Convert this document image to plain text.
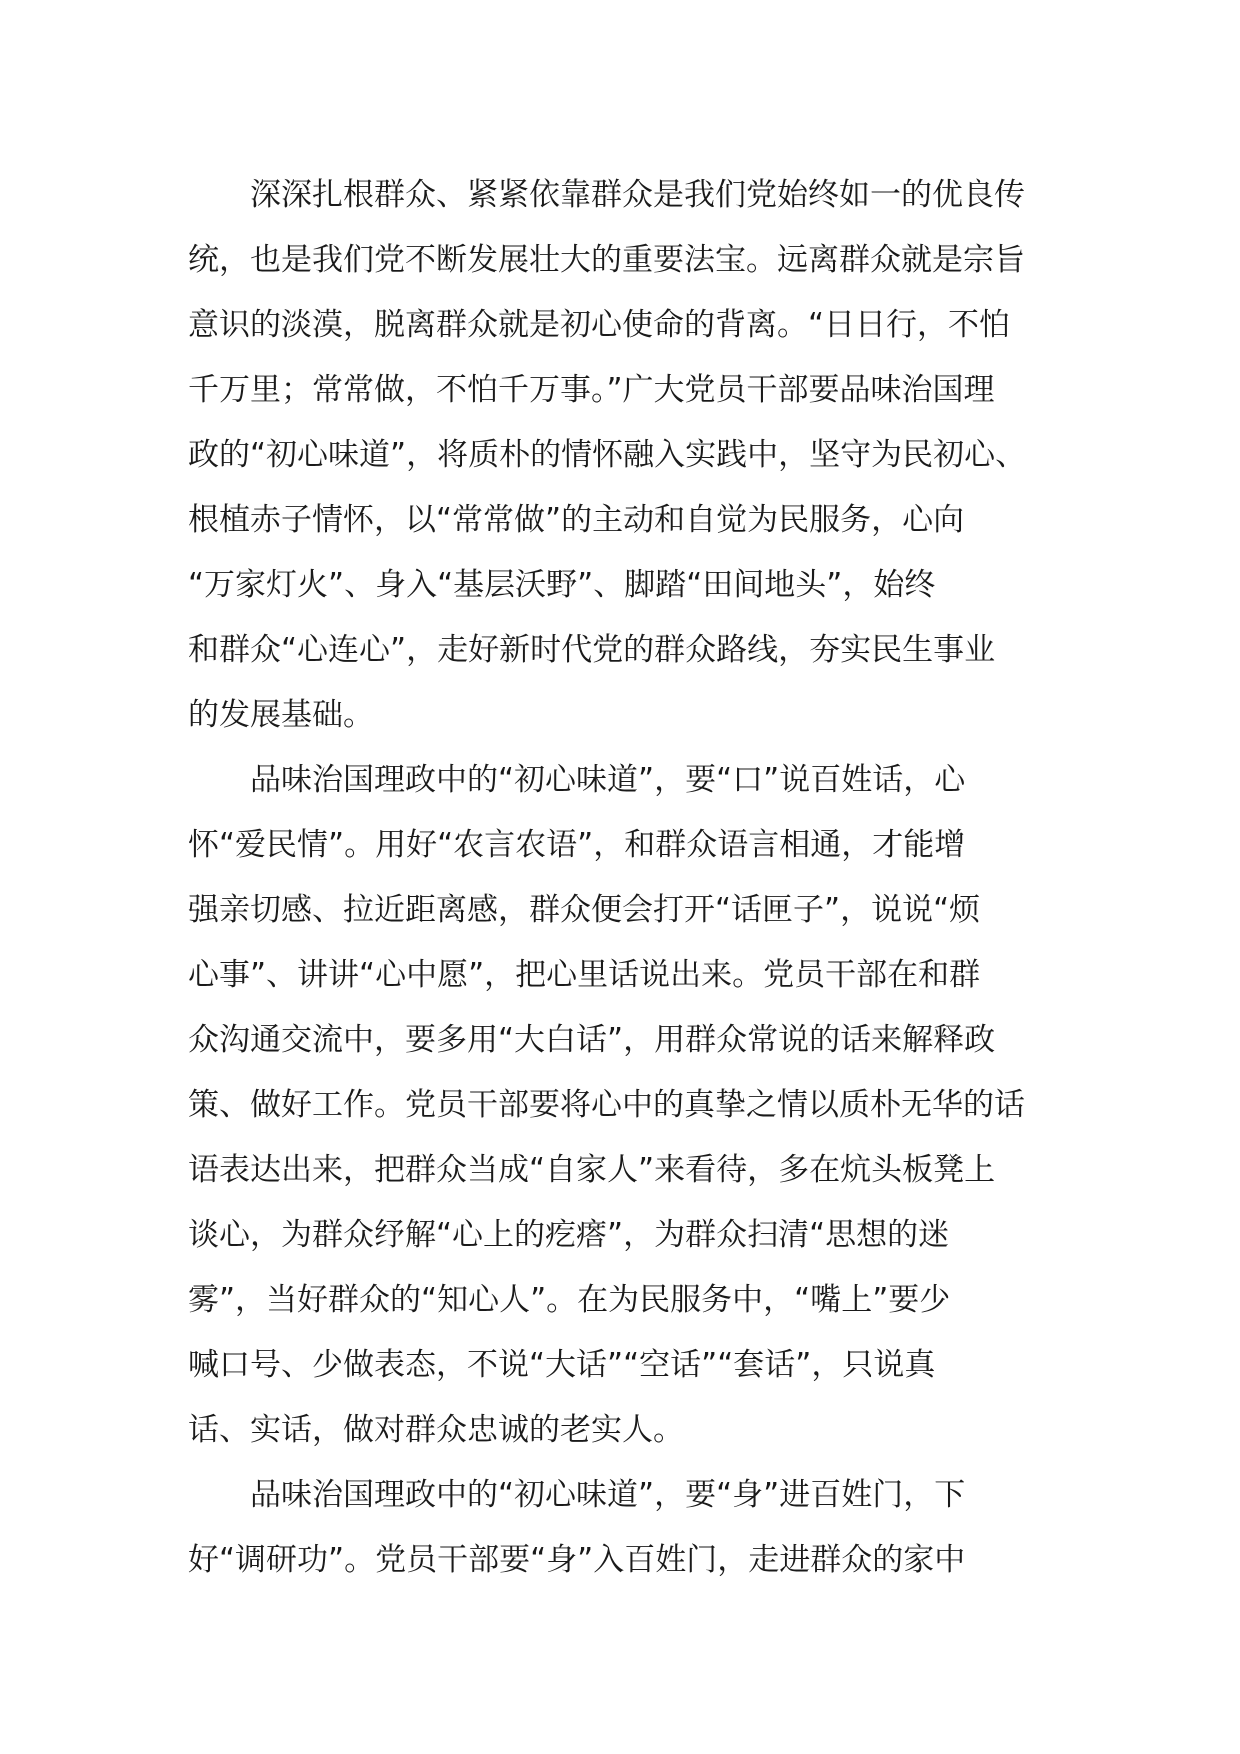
深深扎根群众、紧紧依靠群众是我们党始终如一的优良传
统，也是我们党不断发展壮大的重要法宝。远离群众就是宗旨
意识的淡漠，脱离群众就是初心使命的背离。“日日行，不怕
千万里；常常做，不怕千万事。”广大党员干部要品味治国理
政的“初心味道”，将质朴的情怀融入实践中，坚守为民初心、
根植赤子情怀，以“常常做”的主动和自觉为民服务，心向
“万家灯火”、身入“基层沃野”、脚踏“田间地头”，始终
和群众“心连心”，走好新时代党的群众路线，夯实民生事业
的发展基础。
品味治国理政中的“初心味道”，要“口”说百姓话，心
怀“爱民情”。用好“农言农语”，和群众语言相通，才能增
强亲切感、拉近距离感，群众便会打开“话匣子”，说说“烦
心事”、讲讲“心中愿”，把心里话说出来。党员干部在和群
众沟通交流中，要多用“大白话”，用群众常说的话来解释政
策、做好工作。党员干部要将心中的真挚之情以质朴无华的话
语表达出来，把群众当成“自家人”来看待，多在炕头板凳上
谈心，为群众纾解“心上的疙瘩”，为群众扫清“思想的迷
雾”，当好群众的“知心人”。在为民服务中，“嘴上”要少
喊口号、少做表态，不说“大话”“空话”“套话”，只说真
话、实话，做对群众忠诚的老实人。
品味治国理政中的“初心味道”，要“身”进百姓门，下
好“调研功”。党员干部要“身”入百姓门，走进群众的家中
